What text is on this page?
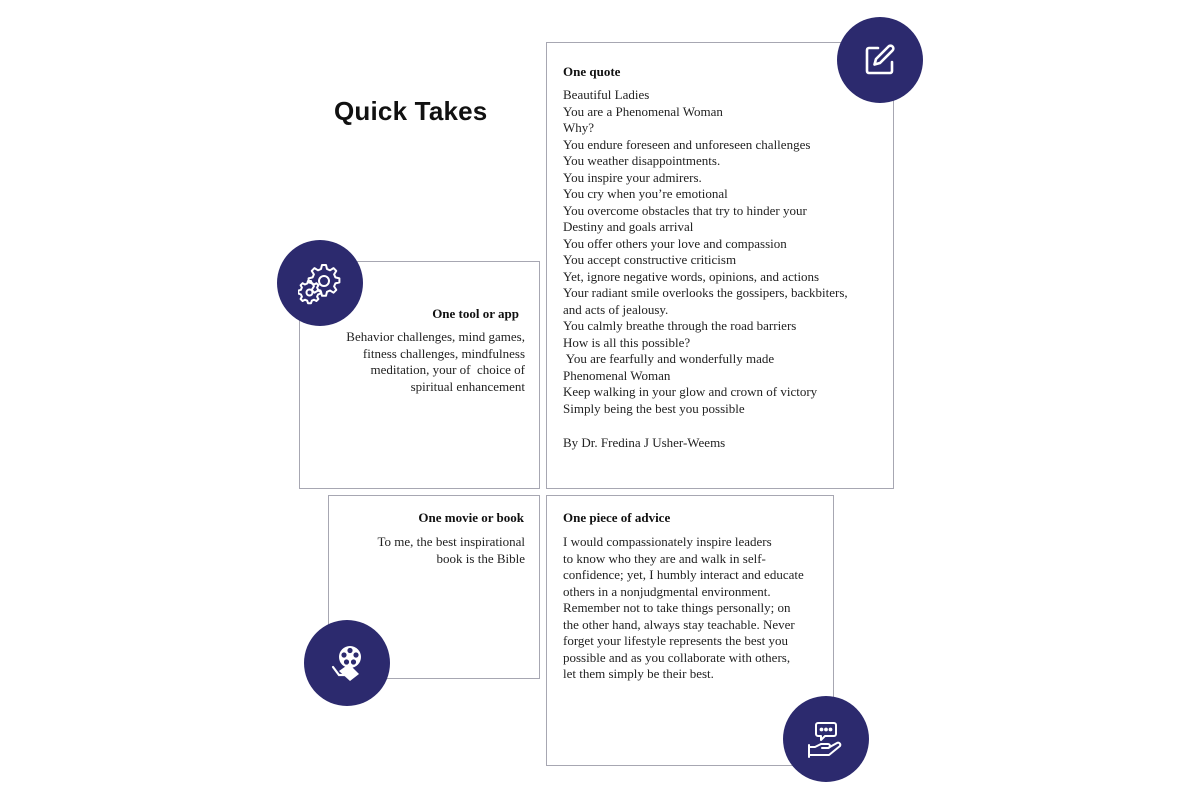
Quick Takes
One quote
Beautiful Ladies
You are a Phenomenal Woman
Why?
You endure foreseen and unforeseen challenges
You weather disappointments.
You inspire your admirers.
You cry when you’re emotional
You overcome obstacles that try to hinder your
Destiny and goals arrival
You offer others your love and compassion
You accept constructive criticism
Yet, ignore negative words, opinions, and actions
Your radiant smile overlooks the gossipers, backbiters,
and acts of jealousy.
You calmly breathe through the road barriers
How is all this possible?
You are fearfully and wonderfully made
Phenomenal Woman
Keep walking in your glow and crown of victory
Simply being the best you possible
By Dr. Fredina J Usher-Weems
One tool or app
Behavior challenges, mind games,
fitness challenges, mindfulness
meditation, your of  choice of
spiritual enhancement
One movie or book
To me, the best inspirational
book is the Bible
One piece of advice
I would compassionately inspire leaders
to know who they are and walk in self-
confidence; yet, I humbly interact and educate
others in a nonjudgmental environment.
Remember not to take things personally; on
the other hand, always stay teachable. Never
forget your lifestyle represents the best you
possible and as you collaborate with others,
let them simply be their best.
